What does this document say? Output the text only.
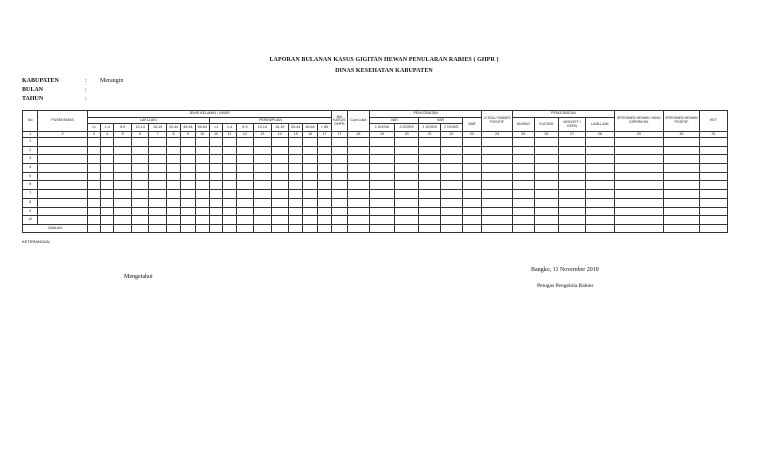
LAPORAN BULANAN KASUS GIGITAN HEWAN PENULARAN RABIES ( GHPR )
DINAS KESEHATAN KABUPATEN
KABUPATEN	: Merangin
BULAN	:
TAHUN	:
No	PUSKESMAS	JENIS KELAMIN / UMUR																JML KASUS GHPR	Cuci Luka	PENGOBATAN					LYSSA / RABIES POSITIF	PENGOBATAN				SPESIMEN HEWAN YANG DIPERIKSA	SPESIMEN HEWAN POSITIF	KET
		LAKI-LAKI								PEREMPUAN										VAR		VAR		SAR		ANJING	KUCING	MONYET / KERA	LAIN-LAIN			
		<1	1-4	5-9	10-14	15-19	20-44	45-54	55-64	<1	1-4	5-9	10-14	15-19	20-44	45-54	> 65			1 DOSIS	2 DOSIS	1 DOSIS	2 DOSIS									
1	2	3	4	5	6	7	8	9	10	10	11	12	13	14	15	16	17	17	18	19	20	21	22	23	24	25	26	27	28	29	30	31
1																																
2																																
3																																
4																																
5																																
6																																
7																																
8																																
9																																
10																																
JUMLAH																																
KETERANGAN
Mengetahui
Bangko, 11 November 2019
Petugas Pengelola Rabies
